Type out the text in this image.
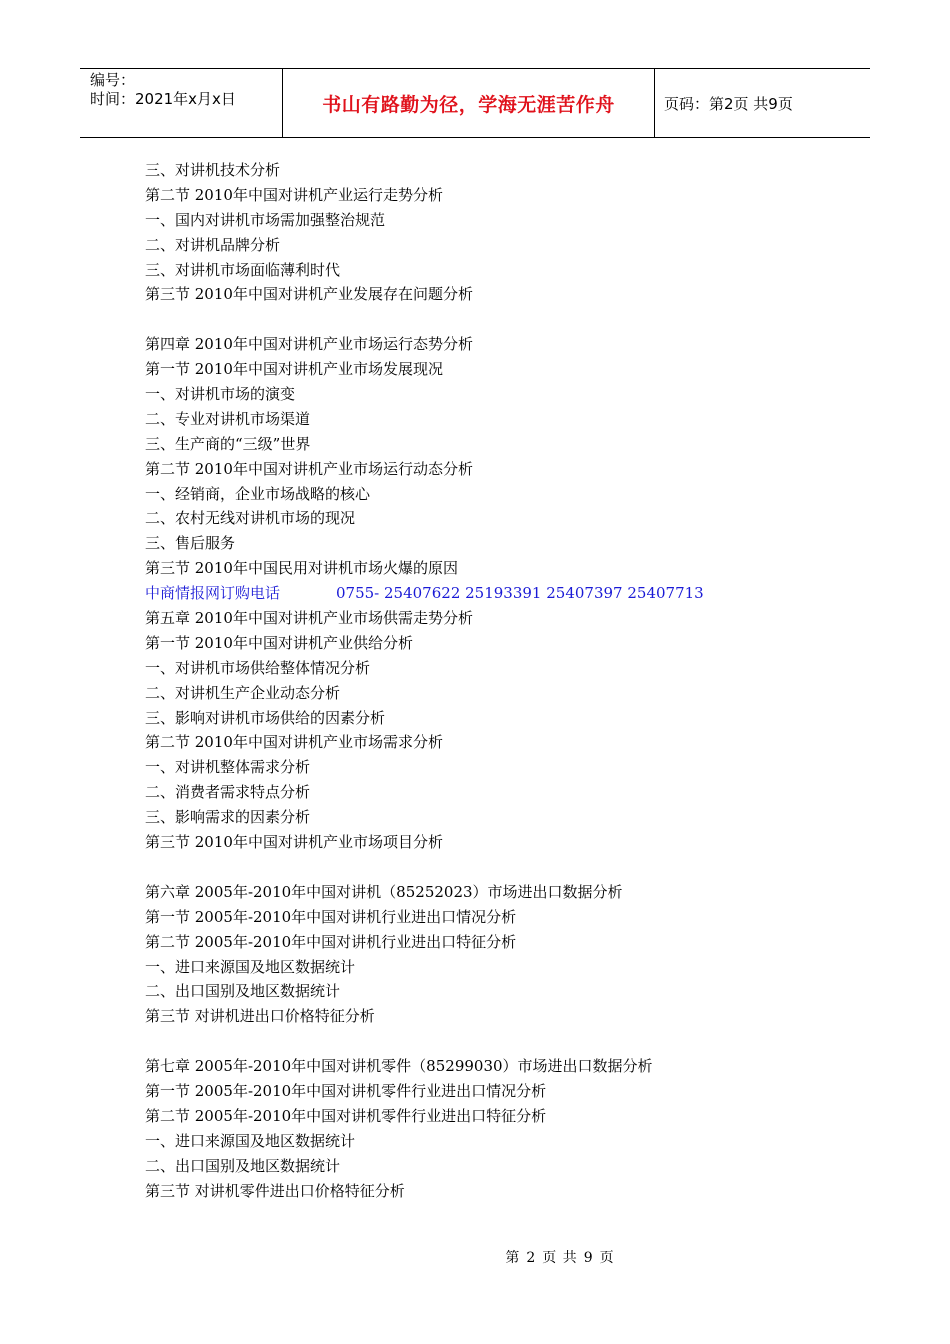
编号：
时间：2021年x月x日	书山有路勤为径，学海无涯苦作舟	页码：第2页 共9页
三、对讲机技术分析
第二节 2010年中国对讲机产业运行走势分析
一、国内对讲机市场需加强整治规范
二、对讲机品牌分析
三、对讲机市场面临薄利时代
第三节 2010年中国对讲机产业发展存在问题分析
第四章 2010年中国对讲机产业市场运行态势分析
第一节 2010年中国对讲机产业市场发展现况
一、对讲机市场的演变
二、专业对讲机市场渠道
三、生产商的“三级”世界
第二节 2010年中国对讲机产业市场运行动态分析
一、经销商，企业市场战略的核心
二、农村无线对讲机市场的现况
三、售后服务
第三节 2010年中国民用对讲机市场火爆的原因
中商情报网订购电话	0755- 25407622 25193391 25407397 25407713
第五章 2010年中国对讲机产业市场供需走势分析
第一节 2010年中国对讲机产业供给分析
一、对讲机市场供给整体情况分析
二、对讲机生产企业动态分析
三、影响对讲机市场供给的因素分析
第二节 2010年中国对讲机产业市场需求分析
一、对讲机整体需求分析
二、消费者需求特点分析
三、影响需求的因素分析
第三节 2010年中国对讲机产业市场项目分析
第六章 2005年-2010年中国对讲机（85252023）市场进出口数据分析
第一节 2005年-2010年中国对讲机行业进出口情况分析
第二节 2005年-2010年中国对讲机行业进出口特征分析
一、进口来源国及地区数据统计
二、出口国别及地区数据统计
第三节 对讲机进出口价格特征分析
第七章 2005年-2010年中国对讲机零件（85299030）市场进出口数据分析
第一节 2005年-2010年中国对讲机零件行业进出口情况分析
第二节 2005年-2010年中国对讲机零件行业进出口特征分析
一、进口来源国及地区数据统计
二、出口国别及地区数据统计
第三节 对讲机零件进出口价格特征分析
第 2 页 共 9 页
